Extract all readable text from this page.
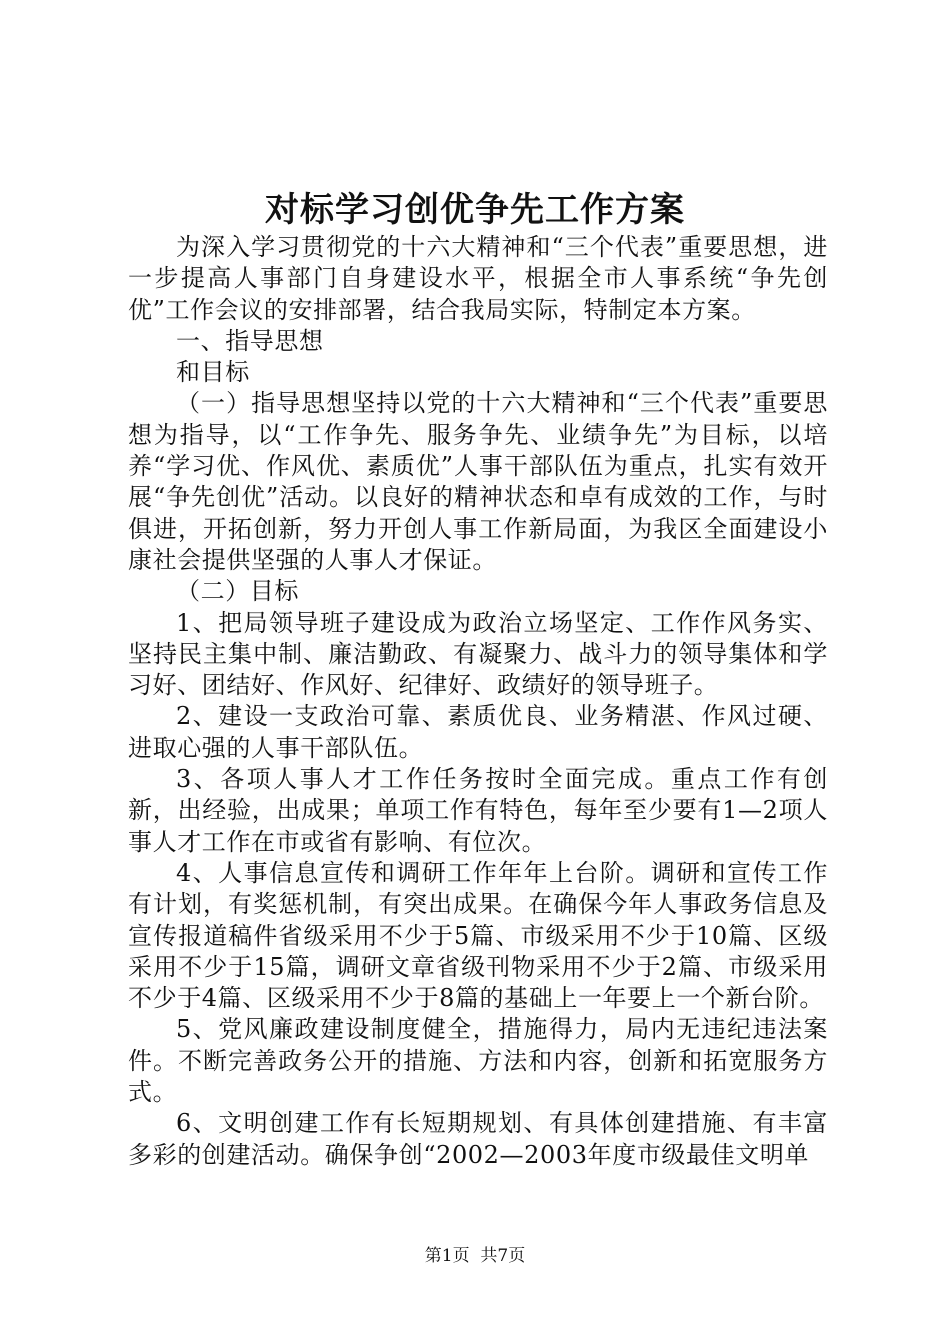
对标学习创优争先工作方案

为深入学习贯彻党的十六大精神和“三个代表”重要思想，进一步提高人事部门自身建设水平，根据全市人事系统“争先创优”工作会议的安排部署，结合我局实际，特制定本方案。

一、指导思想

和目标

（一）指导思想坚持以党的十六大精神和“三个代表”重要思想为指导，以“工作争先、服务争先、业绩争先”为目标，以培养“学习优、作风优、素质优”人事干部队伍为重点，扎实有效开展“争先创优”活动。以良好的精神状态和卓有成效的工作，与时俱进，开拓创新，努力开创人事工作新局面，为我区全面建设小康社会提供坚强的人事人才保证。

（二）目标

1、把局领导班子建设成为政治立场坚定、工作作风务实、坚持民主集中制、廉洁勤政、有凝聚力、战斗力的领导集体和学习好、团结好、作风好、纪律好、政绩好的领导班子。

2、建设一支政治可靠、素质优良、业务精湛、作风过硬、进取心强的人事干部队伍。

3、各项人事人才工作任务按时全面完成。重点工作有创新，出经验，出成果；单项工作有特色，每年至少要有1—2项人事人才工作在市或省有影响、有位次。

4、人事信息宣传和调研工作年年上台阶。调研和宣传工作有计划，有奖惩机制，有突出成果。在确保今年人事政务信息及宣传报道稿件省级采用不少于5篇、市级采用不少于10篇、区级采用不少于15篇，调研文章省级刊物采用不少于2篇、市级采用不少于4篇、区级采用不少于8篇的基础上一年要上一个新台阶。

5、党风廉政建设制度健全，措施得力，局内无违纪违法案件。不断完善政务公开的措施、方法和内容，创新和拓宽服务方式。

6、文明创建工作有长短期规划、有具体创建措施、有丰富多彩的创建活动。确保争创“2002—2003年度市级最佳文明单

第1页  共7页
